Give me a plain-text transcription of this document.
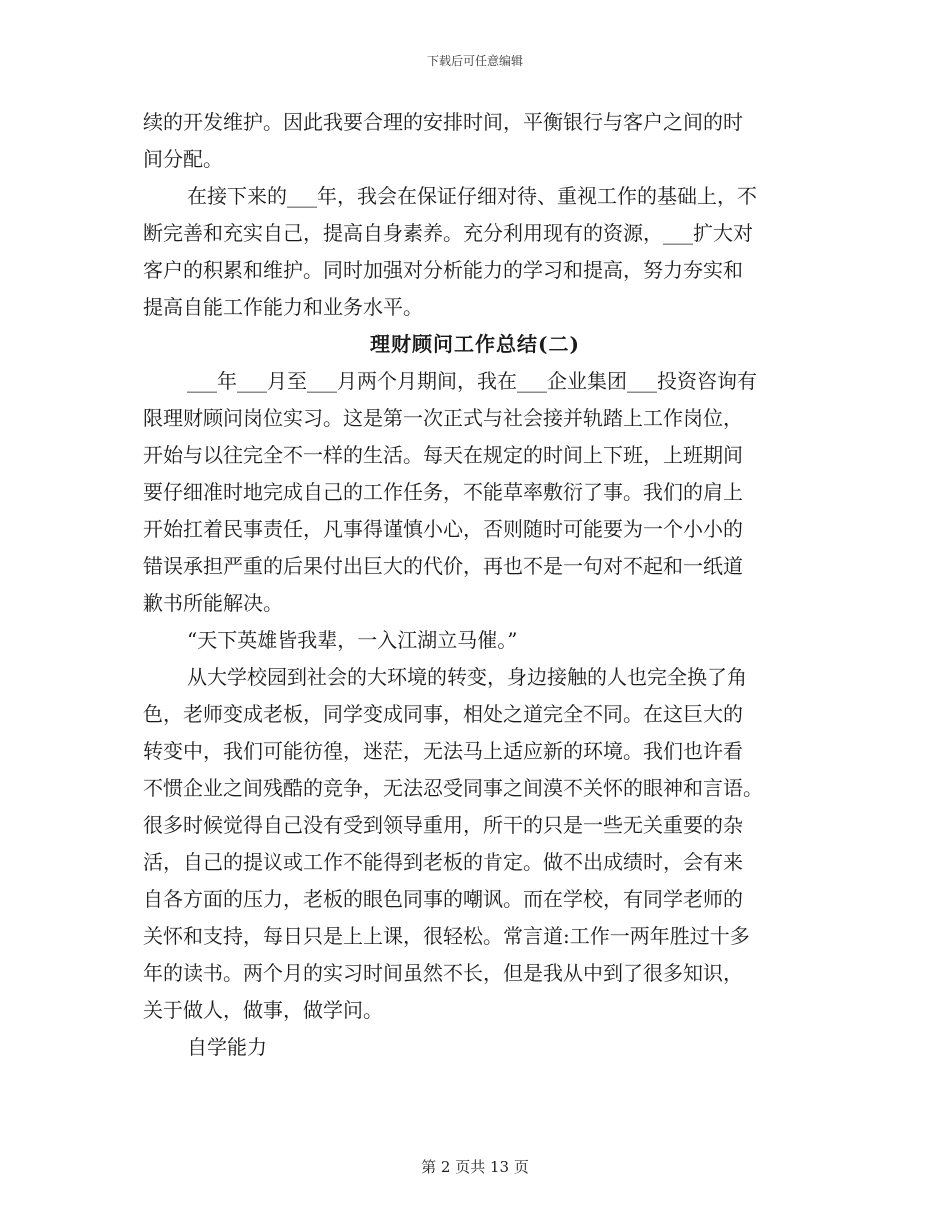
下载后可任意编辑
续的开发维护。因此我要合理的安排时间，平衡银行与客户之间的时
间分配。
在接下来的___年，我会在保证仔细对待、重视工作的基础上，不
断完善和充实自己，提高自身素养。充分利用现有的资源，___扩大对
客户的积累和维护。同时加强对分析能力的学习和提高，努力夯实和
提高自能工作能力和业务水平。
理财顾问工作总结(二)
___年___月至___月两个月期间，我在___企业集团___投资咨询有
限理财顾问岗位实习。这是第一次正式与社会接并轨踏上工作岗位，
开始与以往完全不一样的生活。每天在规定的时间上下班，上班期间
要仔细准时地完成自己的工作任务，不能草率敷衍了事。我们的肩上
开始扛着民事责任，凡事得谨慎小心，否则随时可能要为一个小小的
错误承担严重的后果付出巨大的代价，再也不是一句对不起和一纸道
歉书所能解决。
“天下英雄皆我辈，一入江湖立马催。”
从大学校园到社会的大环境的转变，身边接触的人也完全换了角
色，老师变成老板，同学变成同事，相处之道完全不同。在这巨大的
转变中，我们可能彷徨，迷茫，无法马上适应新的环境。我们也许看
不惯企业之间残酷的竞争，无法忍受同事之间漠不关怀的眼神和言语。
很多时候觉得自己没有受到领导重用，所干的只是一些无关重要的杂
活，自己的提议或工作不能得到老板的肯定。做不出成绩时，会有来
自各方面的压力，老板的眼色同事的嘲讽。而在学校，有同学老师的
关怀和支持，每日只是上上课，很轻松。常言道:工作一两年胜过十多
年的读书。两个月的实习时间虽然不长，但是我从中到了很多知识，
关于做人，做事，做学问。
自学能力
第 2 页共 13 页
